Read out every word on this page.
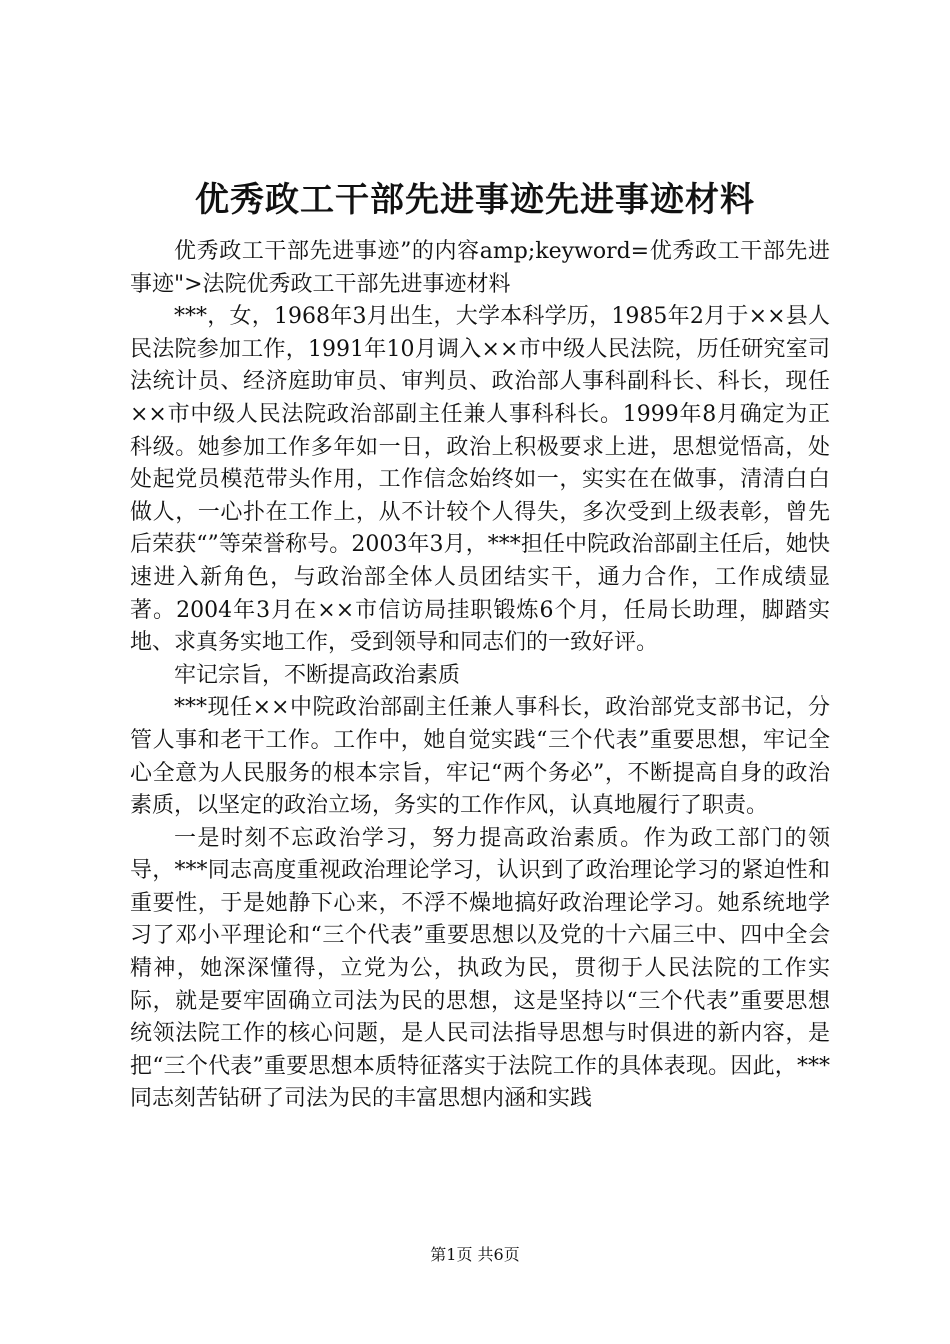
优秀政工干部先进事迹先进事迹材料

优秀政工干部先进事迹”的内容amp;keyword=优秀政工干部先进事迹">法院优秀政工干部先进事迹材料

***，女，1968年3月出生，大学本科学历，1985年2月于××县人民法院参加工作，1991年10月调入××市中级人民法院，历任研究室司法统计员、经济庭助审员、审判员、政治部人事科副科长、科长，现任××市中级人民法院政治部副主任兼人事科科长。1999年8月确定为正科级。她参加工作多年如一日，政治上积极要求上进，思想觉悟高，处处起党员模范带头作用，工作信念始终如一，实实在在做事，清清白白做人，一心扑在工作上，从不计较个人得失，多次受到上级表彰，曾先后荣获“”等荣誉称号。2003年3月，***担任中院政治部副主任后，她快速进入新角色，与政治部全体人员团结实干，通力合作，工作成绩显著。2004年3月在××市信访局挂职锻炼6个月，任局长助理，脚踏实地、求真务实地工作，受到领导和同志们的一致好评。

牢记宗旨，不断提高政治素质

***现任××中院政治部副主任兼人事科长，政治部党支部书记，分管人事和老干工作。工作中，她自觉实践“三个代表”重要思想，牢记全心全意为人民服务的根本宗旨，牢记“两个务必”，不断提高自身的政治素质，以坚定的政治立场，务实的工作作风，认真地履行了职责。

一是时刻不忘政治学习，努力提高政治素质。作为政工部门的领导，***同志高度重视政治理论学习，认识到了政治理论学习的紧迫性和重要性，于是她静下心来，不浮不燥地搞好政治理论学习。她系统地学习了邓小平理论和“三个代表”重要思想以及党的十六届三中、四中全会精神，她深深懂得，立党为公，执政为民，贯彻于人民法院的工作实际，就是要牢固确立司法为民的思想，这是坚持以“三个代表”重要思想统领法院工作的核心问题，是人民司法指导思想与时俱进的新内容，是把“三个代表”重要思想本质特征落实于法院工作的具体表现。因此，***同志刻苦钻研了司法为民的丰富思想内涵和实践

第1页 共6页
